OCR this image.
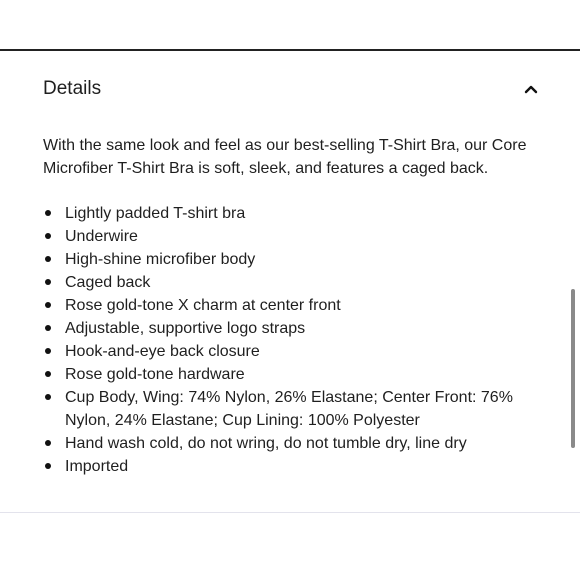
Details

With the same look and feel as our best-selling T-Shirt Bra, our Core Microfiber T-Shirt Bra is soft, sleek, and features a caged back.

Lightly padded T-shirt bra
Underwire
High-shine microfiber body
Caged back
Rose gold-tone X charm at center front
Adjustable, supportive logo straps
Hook-and-eye back closure
Rose gold-tone hardware
Cup Body, Wing: 74% Nylon, 26% Elastane; Center Front: 76% Nylon, 24% Elastane; Cup Lining: 100% Polyester
Hand wash cold, do not wring, do not tumble dry, line dry
Imported
